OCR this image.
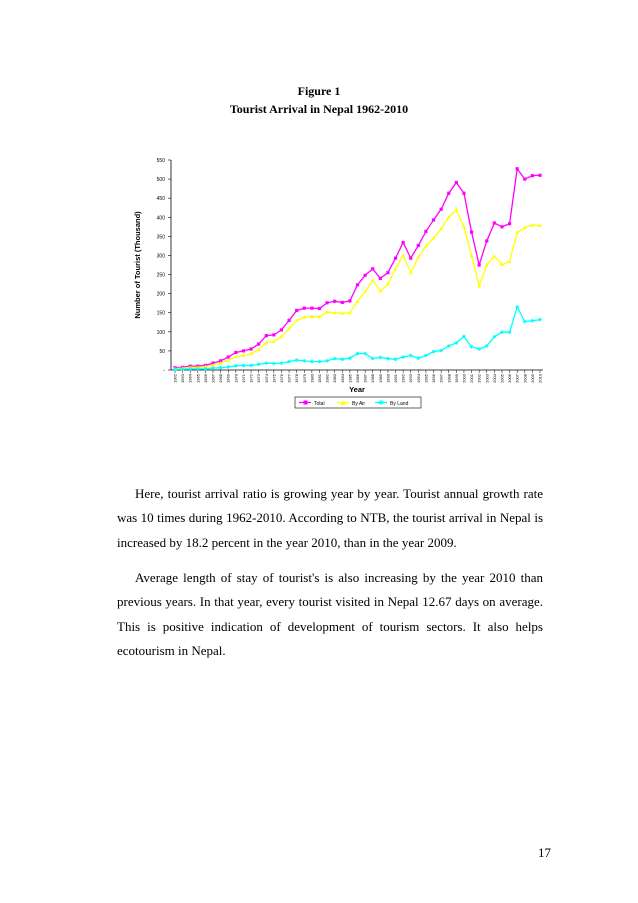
Figure 1
Tourist Arrival in Nepal 1962-2010
-
50
100
150
200
250
300
350
400
450
500
550
1962 1963 1964 1965 1966 1967 1968 1969 1970 1971 1972 1973 1974 1975 1976 1977 1978 1979 1980 1981 1982 1983 1984 1985 1986 1987 1988 1989 1990 1991 1992 1993 1994 1995 1996 1997 1998 1999 2000 2001 2002 2003 2004 2005 2006 2007 2008 2009 2010
Number of Tourist (Thousand)
Year
Total	By Air ✱ By Land

Here, tourist arrival ratio is growing year by year. Tourist annual growth rate was 10 times during 1962-2010. According to NTB, the tourist arrival in Nepal is increased by 18.2 percent in the year 2010, than in the year 2009.

Average length of stay of tourist's is also increasing by the year 2010 than previous years. In that year, every tourist visited in Nepal 12.67 days on average. This is positive indication of development of tourism sectors. It also helps ecotourism in Nepal.

17
